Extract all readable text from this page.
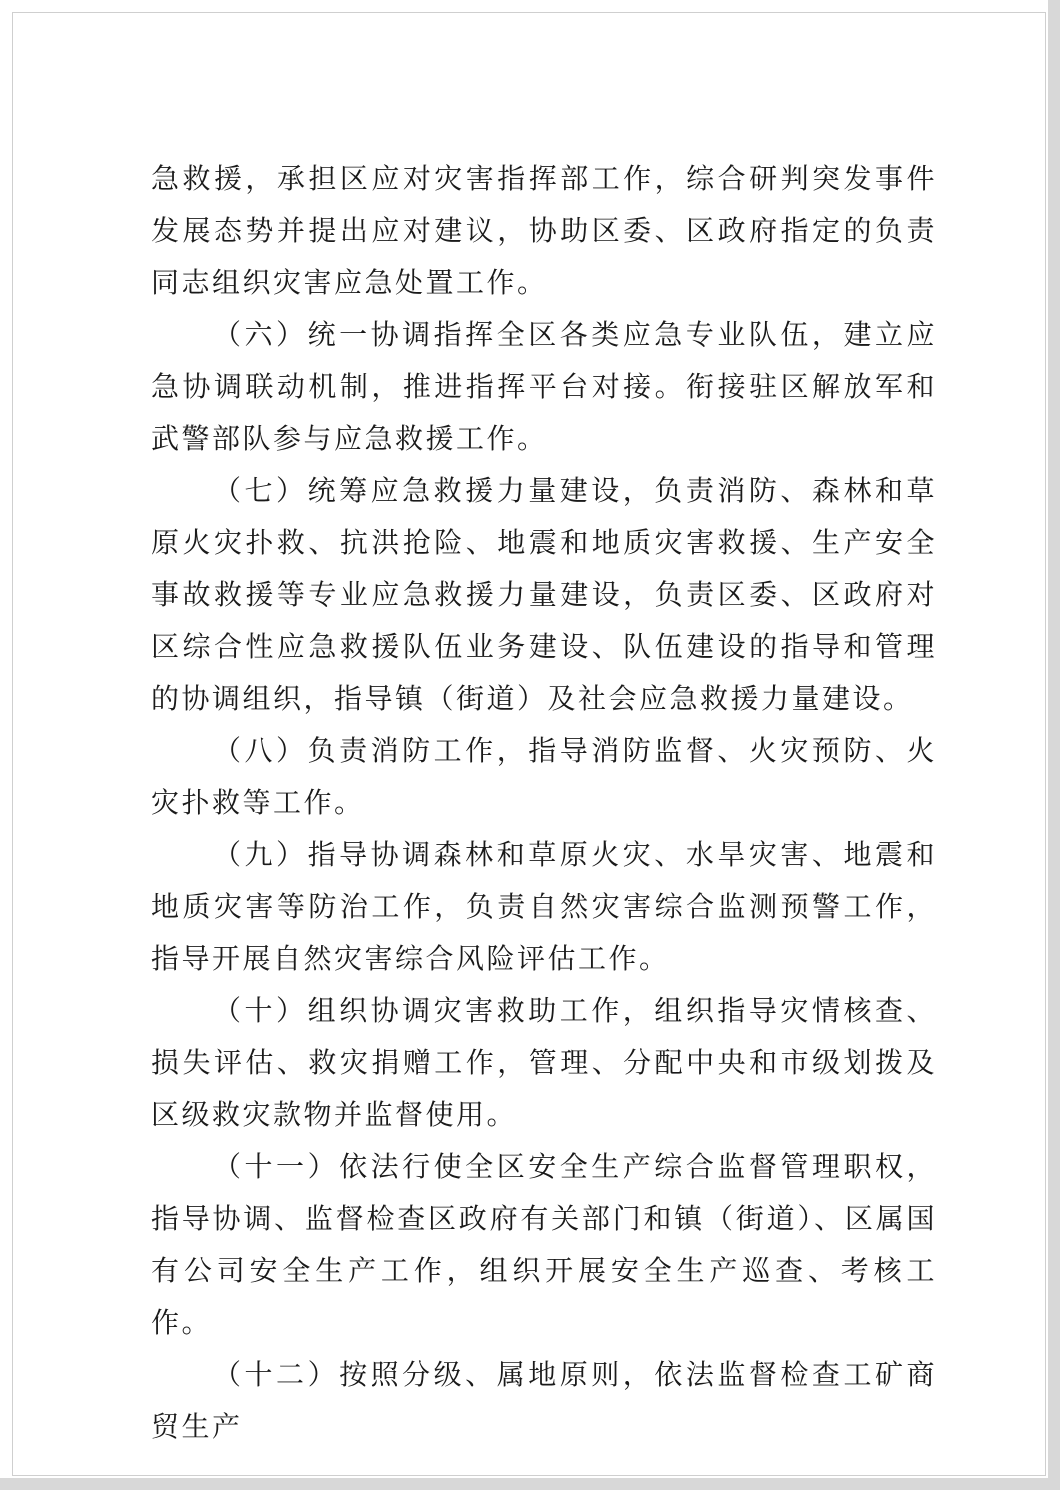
急救援，承担区应对灾害指挥部工作，综合研判突发事件发展态势并提出应对建议，协助区委、区政府指定的负责同志组织灾害应急处置工作。

（六）统一协调指挥全区各类应急专业队伍，建立应急协调联动机制，推进指挥平台对接。衔接驻区解放军和武警部队参与应急救援工作。

（七）统筹应急救援力量建设，负责消防、森林和草原火灾扑救、抗洪抢险、地震和地质灾害救援、生产安全事故救援等专业应急救援力量建设，负责区委、区政府对区综合性应急救援队伍业务建设、队伍建设的指导和管理的协调组织，指导镇（街道）及社会应急救援力量建设。

（八）负责消防工作，指导消防监督、火灾预防、火灾扑救等工作。

（九）指导协调森林和草原火灾、水旱灾害、地震和地质灾害等防治工作，负责自然灾害综合监测预警工作，指导开展自然灾害综合风险评估工作。

（十）组织协调灾害救助工作，组织指导灾情核查、损失评估、救灾捐赠工作，管理、分配中央和市级划拨及区级救灾款物并监督使用。

（十一）依法行使全区安全生产综合监督管理职权，指导协调、监督检查区政府有关部门和镇（街道）、区属国有公司安全生产工作，组织开展安全生产巡查、考核工作。

（十二）按照分级、属地原则，依法监督检查工矿商贸生产
